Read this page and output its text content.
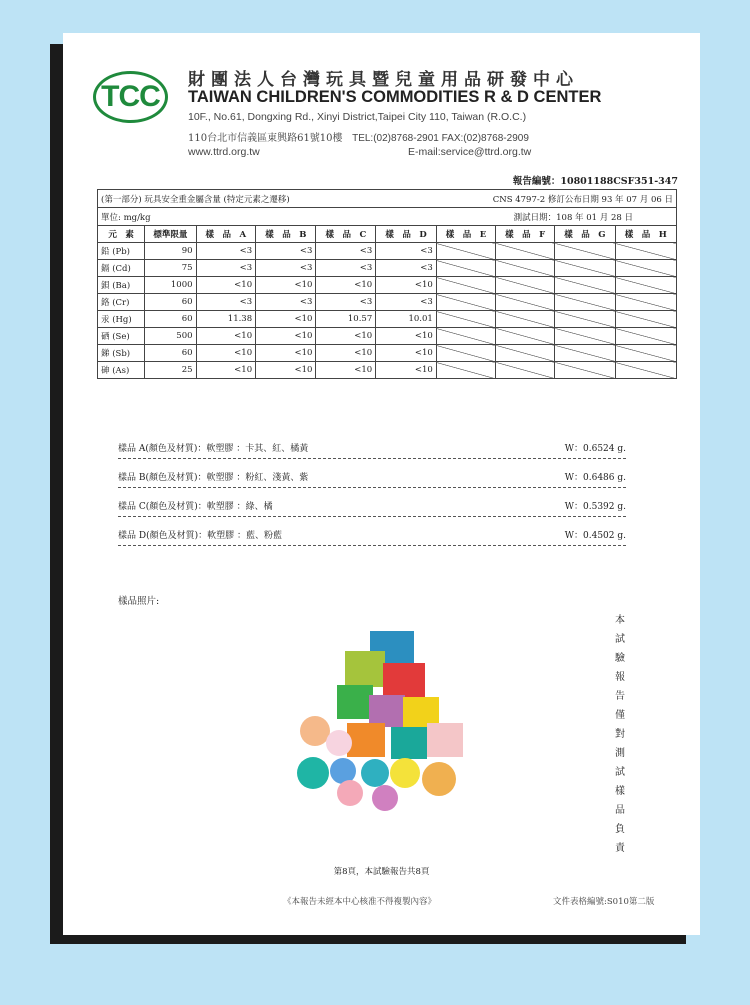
TCC 財團法人台灣玩具暨兒童用品研發中心
TAIWAN CHILDREN'S COMMODITIES R & D CENTER
10F., No.61, Dongxing Rd., Xinyi District,Taipei City 110, Taiwan (R.O.C.)
110台北市信義區東興路61號10樓 TEL:(02)8768-2901 FAX:(02)8768-2909
www.ttrd.org.tw	E-mail:service@ttrd.org.tw
報告編號：10801188CSF351-347
(第一部分) 玩具安全重金屬含量 (特定元素之遷移)	CNS 4797-2 修訂公布日期 93 年 07 月 06 日
單位: mg/kg	測試日期：108 年 01 月 28 日
元　素	標準限量	樣　品　A	樣　品　B	樣　品　C	樣　品　D	樣　品　E	樣　品　F	樣　品　G	樣　品　H
鉛 (Pb)	90	<3	<3	<3	<3				
鎘 (Cd)	75	<3	<3	<3	<3				
鋇 (Ba)	1000	<10	<10	<10	<10				
鉻 (Cr)	60	<3	<3	<3	<3				
汞 (Hg)	60	11.38	<10	10.57	10.01				
硒 (Se)	500	<10	<10	<10	<10				
銻 (Sb)	60	<10	<10	<10	<10				
砷 (As)	25	<10	<10	<10	<10				
樣品 A(顏色及材質)：軟塑膠 ：卡其、紅、橘黃	W：0.6524 g.
樣品 B(顏色及材質)：軟塑膠 ：粉紅、淺黃、紫	W：0.6486 g.
樣品 C(顏色及材質)：軟塑膠 ：綠、橘	W：0.5392 g.
樣品 D(顏色及材質)：軟塑膠 ：藍、粉藍	W：0.4502 g.
樣品照片:
本
試
驗
報
告
僅
對
測
試
樣
品
負
責
第8頁，本試驗報告共8頁
《本報告未經本中心核准不得複製內容》	文件表格編號:S010第二版
